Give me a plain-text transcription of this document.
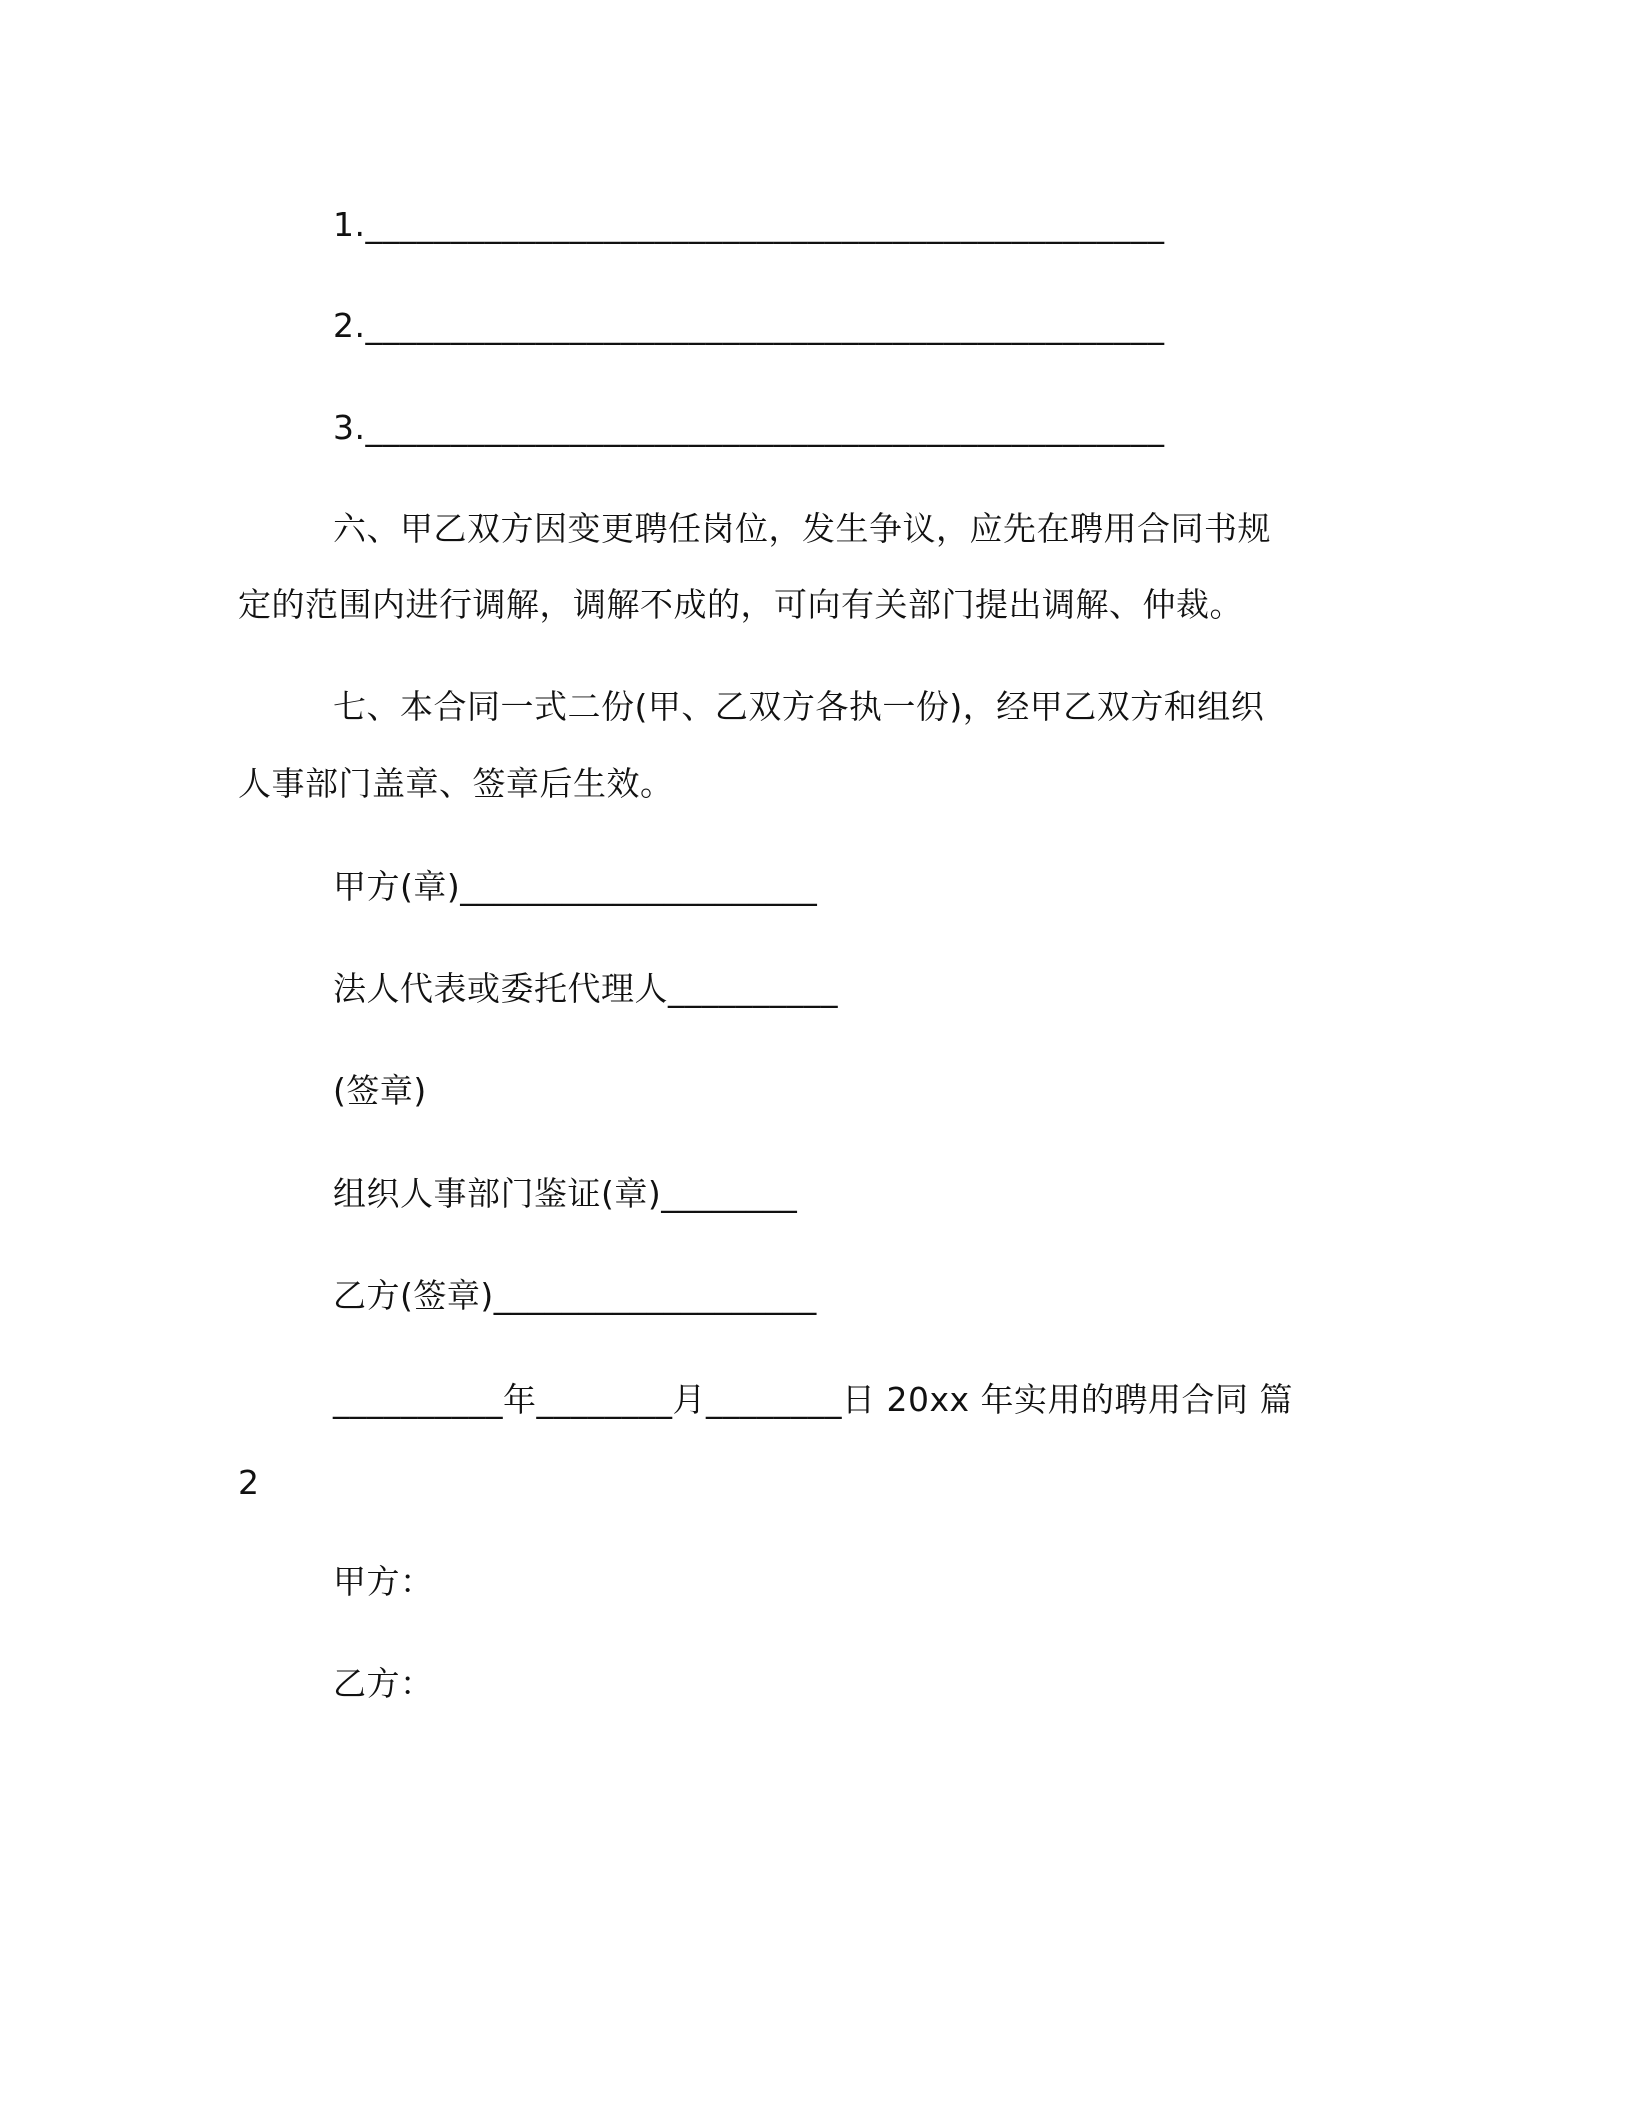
1._______________________________________________
2._______________________________________________
3._______________________________________________
六、甲乙双方因变更聘任岗位，发生争议，应先在聘用合同书规
定的范围内进行调解，调解不成的，可向有关部门提出调解、仲裁。
七、本合同一式二份(甲、乙双方各执一份)，经甲乙双方和组织
人事部门盖章、签章后生效。
甲方(章)_____________________
法人代表或委托代理人__________
(签章)
组织人事部门鉴证(章)________
乙方(签章)___________________
__________年________月________日 20xx 年实用的聘用合同 篇
2
甲方：
乙方：
